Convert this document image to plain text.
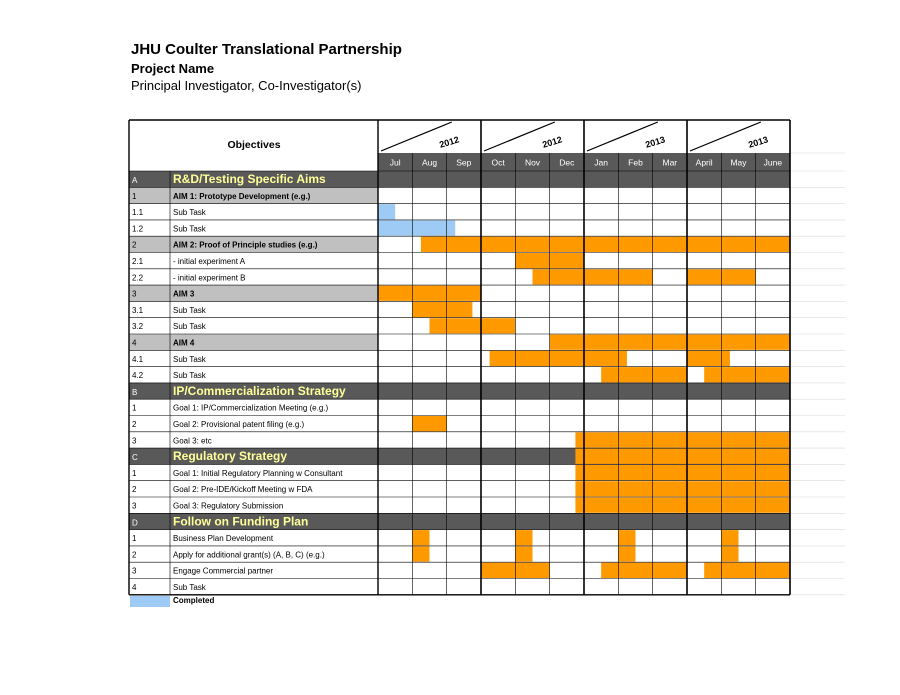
JHU Coulter Translational Partnership
Project Name
Principal Investigator, Co-Investigator(s)
Jul	Aug Sep Oct Nov Dec Jan Feb Mar April May June
2012	2012	2013	2013
Objectives
A	R&D/Testing Specific Aims
1	AIM 1: Prototype Development (e.g.)
1.1	Sub Task
1.2	Sub Task
2	AIM 2: Proof of Principle studies (e.g.)
2.1	- initial experiment A
2.2	- initial experiment B
3	AIM 3
3.1	Sub Task
3.2	Sub Task
4	AIM 4
4.1	Sub Task
4.2	Sub Task
B	IP/Commercialization Strategy
1	Goal 1: IP/Commercialization Meeting (e.g.)
2	Goal 2: Provisional patent filing (e.g.)
3	Goal 3: etc
C	Regulatory Strategy
1	Goal 1: Initial Regulatory Planning w Consultant
2	Goal 2: Pre-IDE/Kickoff Meeting w FDA
3	Goal 3: Regulatory Submission
D	Follow on Funding Plan
1	Business Plan Development
2	Apply for additional grant(s) (A, B, C) (e.g.)
3	Engage Commercial partner
4	Sub Task
Completed
